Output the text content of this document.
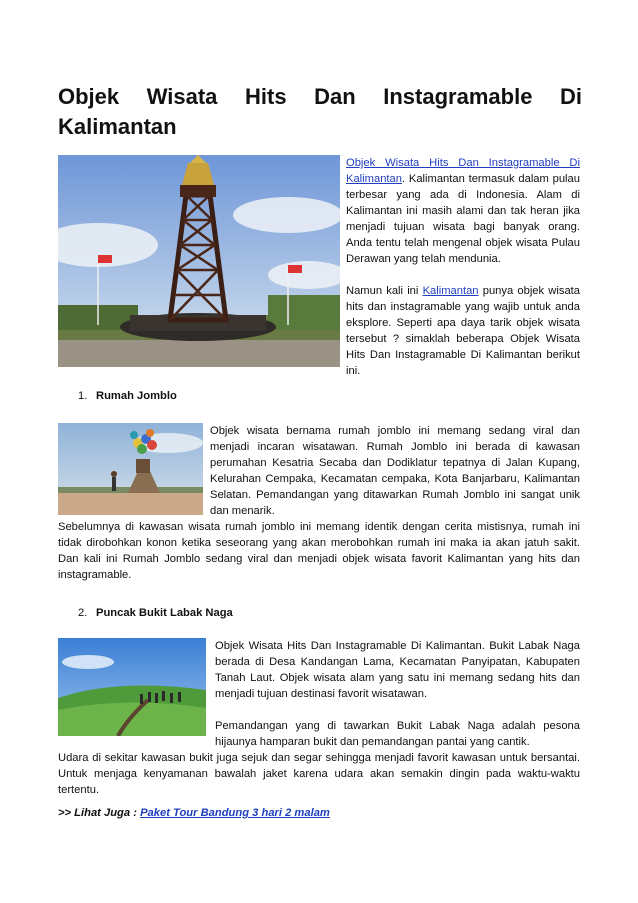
Objek Wisata Hits Dan Instagramable Di
Kalimantan

Objek Wisata Hits Dan Instagramable Di Kalimantan. Kalimantan termasuk dalam pulau terbesar yang ada di Indonesia. Alam di Kalimantan ini masih alami dan tak heran jika menjadi tujuan wisata bagi banyak orang. Anda tentu telah mengenal objek wisata Pulau Derawan yang telah mendunia.

Namun kali ini Kalimantan punya objek wisata hits dan instagramable yang wajib untuk anda eksplore. Seperti apa daya tarik objek wisata tersebut ? simaklah beberapa Objek Wisata Hits Dan Instagramable Di Kalimantan berikut ini.

1. Rumah Jomblo

Objek wisata bernama rumah jomblo ini memang sedang viral dan menjadi incaran wisatawan. Rumah Jomblo ini berada di kawasan perumahan Kesatria Secaba dan Dodiklatur tepatnya di Jalan Kupang, Kelurahan Cempaka, Kecamatan cempaka, Kota Banjarbaru, Kalimantan Selatan. Pemandangan yang ditawarkan Rumah Jomblo ini sangat unik dan menarik.

Sebelumnya di kawasan wisata rumah jomblo ini memang identik dengan cerita mistisnya, rumah ini tidak dirobohkan konon ketika seseorang yang akan merobohkan rumah ini maka ia akan jatuh sakit. Dan kali ini Rumah Jomblo sedang viral dan menjadi objek wisata favorit Kalimantan yang hits dan instagramable.

2. Puncak Bukit Labak Naga

Objek Wisata Hits Dan Instagramable Di Kalimantan. Bukit Labak Naga berada di Desa Kandangan Lama, Kecamatan Panyipatan, Kabupaten Tanah Laut. Objek wisata alam yang satu ini memang sedang hits dan menjadi tujuan destinasi favorit wisatawan.

Pemandangan yang di tawarkan Bukit Labak Naga adalah pesona hijaunya hamparan bukit dan pemandangan pantai yang cantik.

Udara di sekitar kawasan bukit juga sejuk dan segar sehingga menjadi favorit kawasan untuk bersantai. Untuk menjaga kenyamanan bawalah jaket karena udara akan semakin dingin pada waktu-waktu tertentu.

>> Lihat Juga : Paket Tour Bandung 3 hari 2 malam
